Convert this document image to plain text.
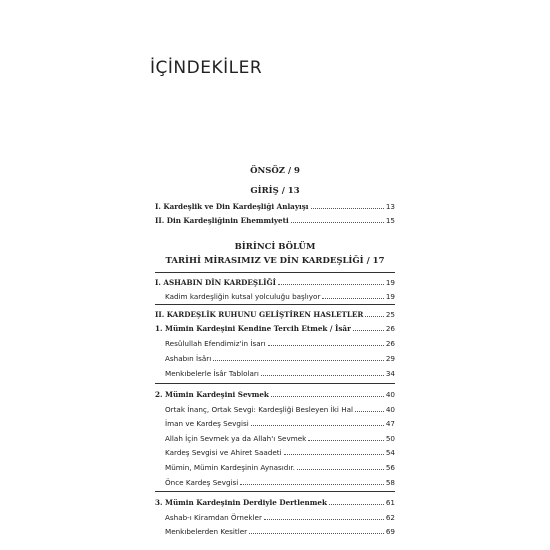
İÇİNDEKİLER
ÖNSÖZ / 9
GİRİŞ / 13
I. Kardeşlik ve Din Kardeşliği Anlayışı	13
II. Din Kardeşliğinin Ehemmiyeti	15
BİRİNCİ BÖLÜM
TARİHİ MİRASIMIZ VE DİN KARDEŞLİĞİ / 17
I. ASHABIN DİN KARDEŞLİĞİ	19
Kadim kardeşliğin kutsal yolculuğu başlıyor	19
II. KARDEŞLİK RUHUNU GELİŞTİREN HASLETLER	25
1. Mümin Kardeşini Kendine Tercih Etmek / İsâr	26
Resûlullah Efendimiz'in İsarı	26
Ashabın İsârı	29
Menkıbelerle İsâr Tabloları	34
2. Mümin Kardeşini Sevmek	40
Ortak İnanç, Ortak Sevgi: Kardeşliği Besleyen İki Hal	40
İman ve Kardeş Sevgisi	47
Allah İçin Sevmek ya da Allah'ı Sevmek	50
Kardeş Sevgisi ve Ahiret Saadeti	54
Mümin, Mümin Kardeşinin Aynasıdır.	56
Önce Kardeş Sevgisi	58
3. Mümin Kardeşinin Derdiyle Dertlenmek	61
Ashab-ı Kiramdan Örnekler	62
Menkıbelerden Kesitler	69
